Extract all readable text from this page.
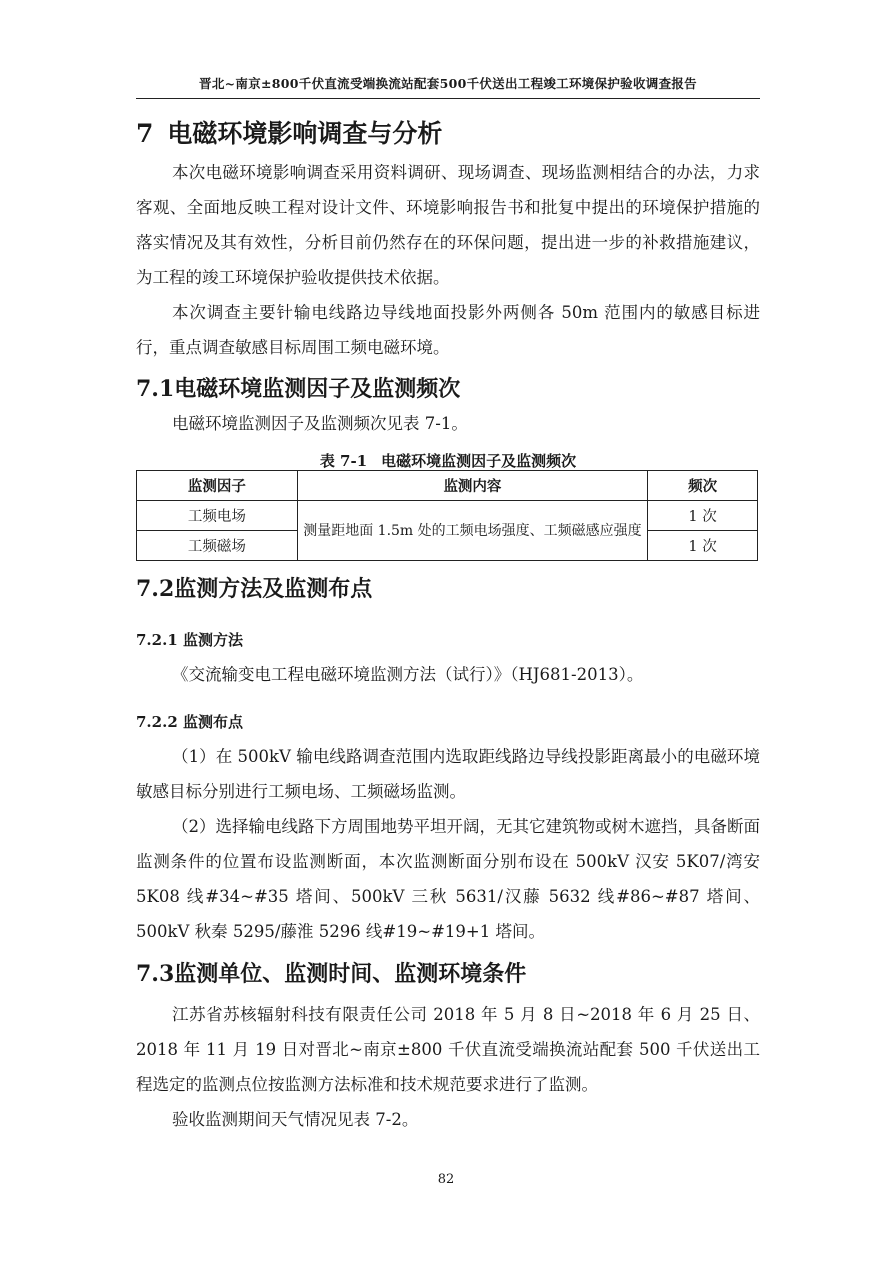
晋北~南京±800千伏直流受端换流站配套500千伏送出工程竣工环境保护验收调查报告
7 电磁环境影响调查与分析

本次电磁环境影响调查采用资料调研、现场调查、现场监测相结合的办法，力求客观、全面地反映工程对设计文件、环境影响报告书和批复中提出的环境保护措施的落实情况及其有效性，分析目前仍然存在的环保问题，提出进一步的补救措施建议，为工程的竣工环境保护验收提供技术依据。

本次调查主要针输电线路边导线地面投影外两侧各 50m 范围内的敏感目标进行，重点调查敏感目标周围工频电磁环境。

7.1电磁环境监测因子及监测频次

电磁环境监测因子及监测频次见表 7-1。

表 7-1 电磁环境监测因子及监测频次
监测因子	监测内容	频次
工频电场	测量距地面 1.5m 处的工频电场强度、工频磁感应强度	1 次
工频磁场		1 次
7.2监测方法及监测布点
7.2.1 监测方法

《交流输变电工程电磁环境监测方法（试行）》（HJ681-2013）。

7.2.2 监测布点

（1）在 500kV 输电线路调查范围内选取距线路边导线投影距离最小的电磁环境敏感目标分别进行工频电场、工频磁场监测。

（2）选择输电线路下方周围地势平坦开阔，无其它建筑物或树木遮挡，具备断面监测条件的位置布设监测断面，本次监测断面分别布设在 500kV 汉安 5K07/湾安 5K08 线#34~#35 塔间、500kV 三秋 5631/汉藤 5632 线#86~#87 塔间、500kV 秋秦 5295/藤淮 5296 线#19~#19+1 塔间。

7.3监测单位、监测时间、监测环境条件

江苏省苏核辐射科技有限责任公司 2018 年 5 月 8 日~2018 年 6 月 25 日、2018 年 11 月 19 日对晋北~南京±800 千伏直流受端换流站配套 500 千伏送出工程选定的监测点位按监测方法标准和技术规范要求进行了监测。

验收监测期间天气情况见表 7-2。

82
